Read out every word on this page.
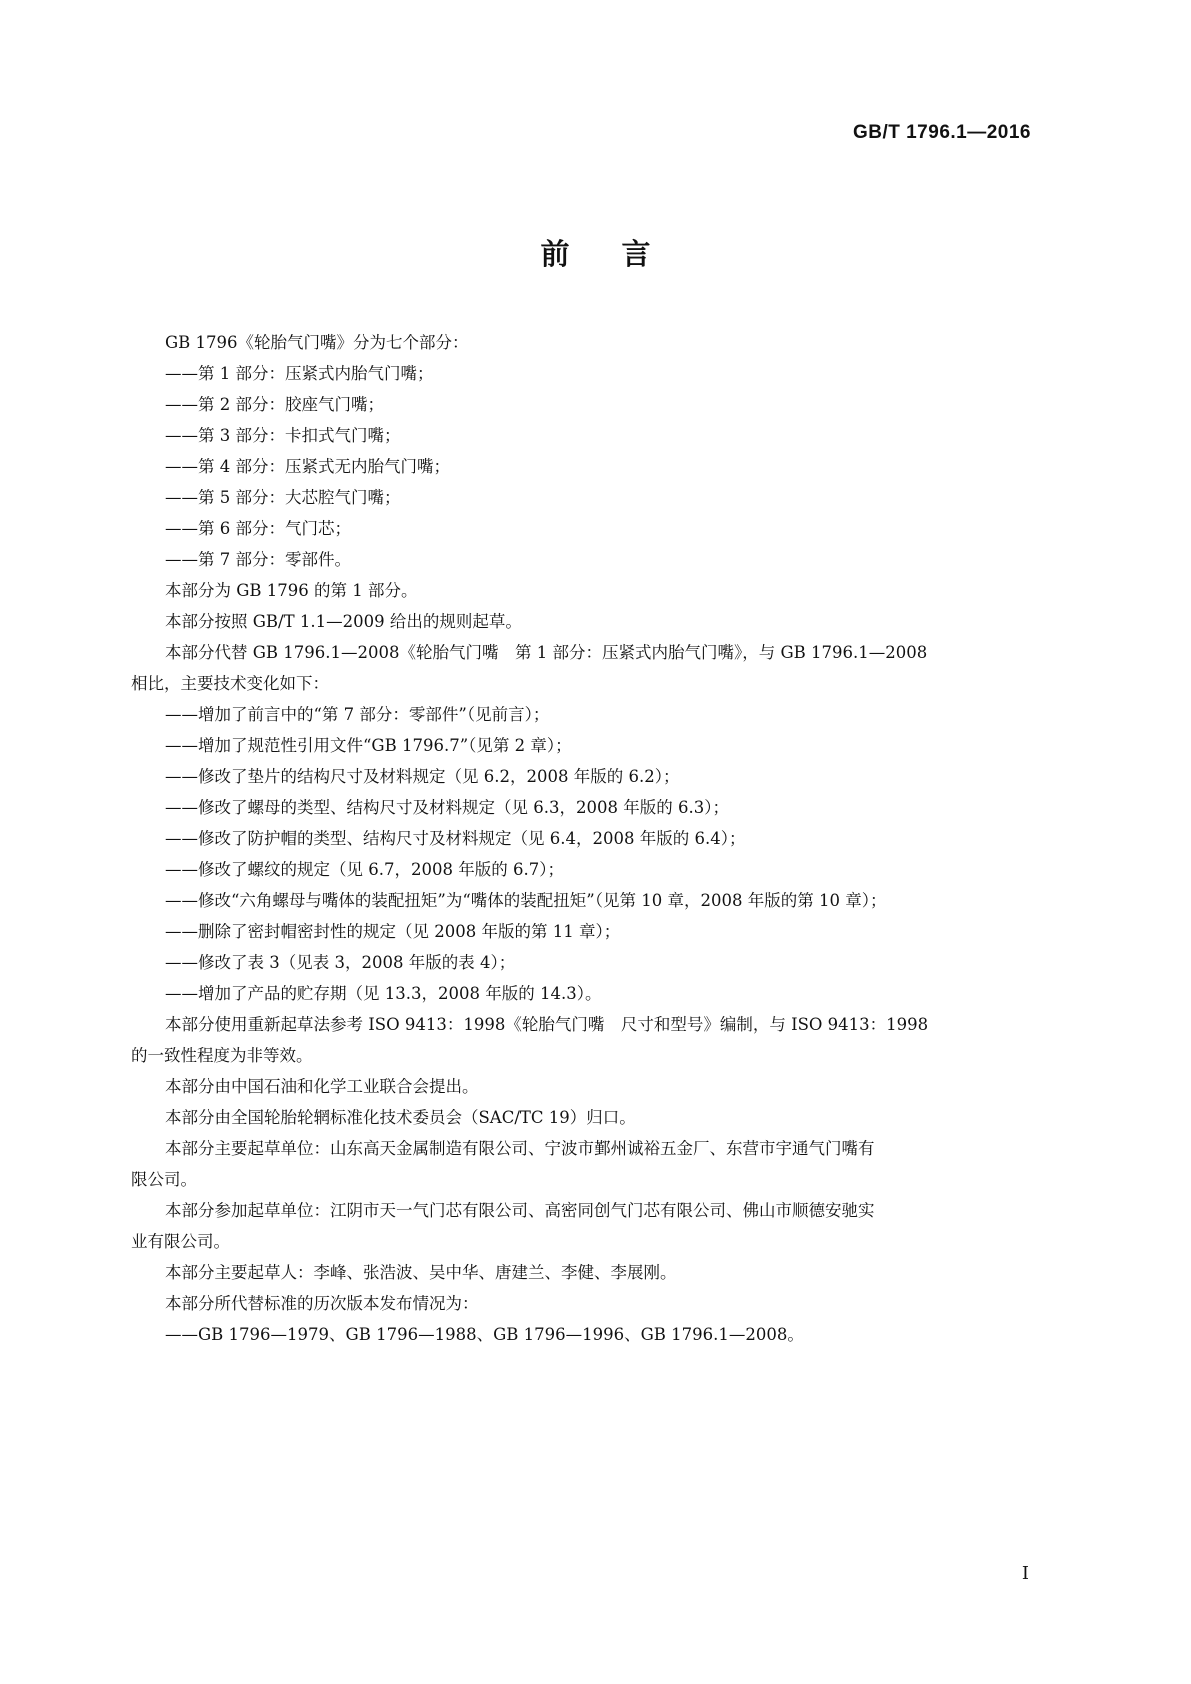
GB/T 1796.1—2016
前言
GB 1796《轮胎气门嘴》分为七个部分：
——第 1 部分：压紧式内胎气门嘴；
——第 2 部分：胶座气门嘴；
——第 3 部分：卡扣式气门嘴；
——第 4 部分：压紧式无内胎气门嘴；
——第 5 部分：大芯腔气门嘴；
——第 6 部分：气门芯；
——第 7 部分：零部件。
本部分为 GB 1796 的第 1 部分。
本部分按照 GB/T 1.1—2009 给出的规则起草。
本部分代替 GB 1796.1—2008《轮胎气门嘴　第 1 部分：压紧式内胎气门嘴》，与 GB 1796.1—2008
相比，主要技术变化如下：
——增加了前言中的“第 7 部分：零部件”（见前言）；
——增加了规范性引用文件“GB 1796.7”（见第 2 章）；
——修改了垫片的结构尺寸及材料规定（见 6.2，2008 年版的 6.2）；
——修改了螺母的类型、结构尺寸及材料规定（见 6.3，2008 年版的 6.3）；
——修改了防护帽的类型、结构尺寸及材料规定（见 6.4，2008 年版的 6.4）；
——修改了螺纹的规定（见 6.7，2008 年版的 6.7）；
——修改“六角螺母与嘴体的装配扭矩”为“嘴体的装配扭矩”（见第 10 章，2008 年版的第 10 章）；
——删除了密封帽密封性的规定（见 2008 年版的第 11 章）；
——修改了表 3（见表 3，2008 年版的表 4）；
——增加了产品的贮存期（见 13.3，2008 年版的 14.3）。
本部分使用重新起草法参考 ISO 9413：1998《轮胎气门嘴　尺寸和型号》编制，与 ISO 9413：1998
的一致性程度为非等效。
本部分由中国石油和化学工业联合会提出。
本部分由全国轮胎轮辋标准化技术委员会（SAC/TC 19）归口。
本部分主要起草单位：山东高天金属制造有限公司、宁波市鄞州诚裕五金厂、东营市宇通气门嘴有
限公司。
本部分参加起草单位：江阴市天一气门芯有限公司、高密同创气门芯有限公司、佛山市顺德安驰实
业有限公司。
本部分主要起草人：李峰、张浩波、吴中华、唐建兰、李健、李展刚。
本部分所代替标准的历次版本发布情况为：
——GB 1796—1979、GB 1796—1988、GB 1796—1996、GB 1796.1—2008。
I
